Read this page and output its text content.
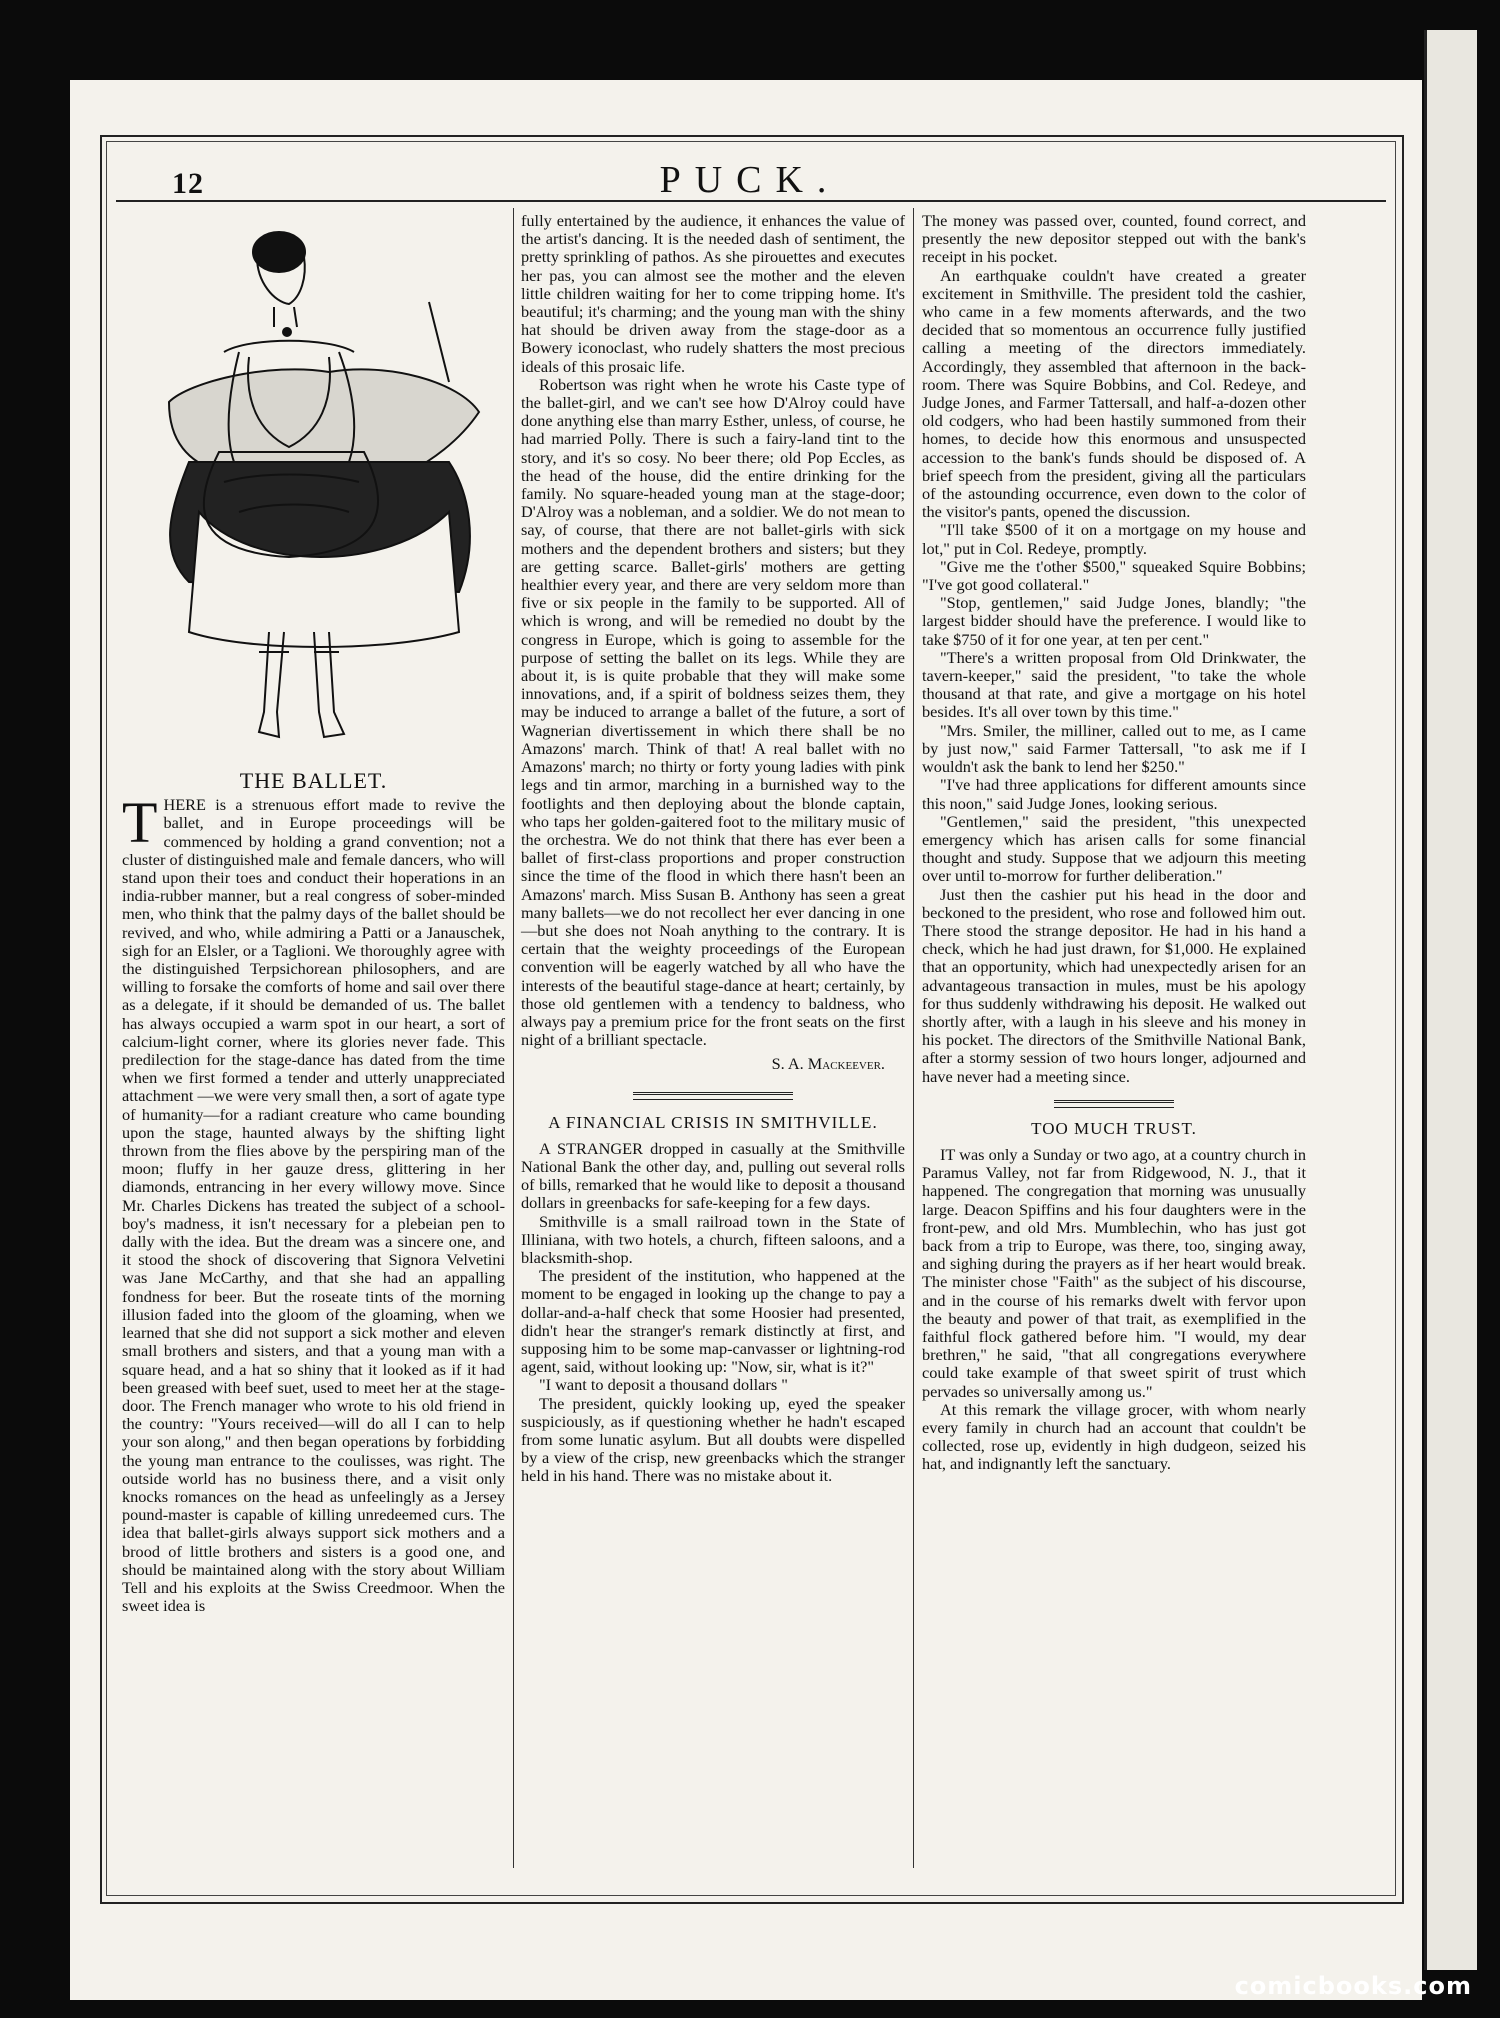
12	PUCK.
THE BALLET.
T HERE is a strenuous effort made to revive the ballet, and in Europe proceedings will be commenced by holding a grand convention; not a cluster of distinguished male and female dancers, who will stand upon their toes and conduct their hoperations in an india-rubber manner, but a real congress of sober-minded men, who think that the palmy days of the ballet should be revived, and who, while admiring a Patti or a Janauschek, sigh for an Elsler, or a Taglioni. We thoroughly agree with the distinguished Terpsichorean philosophers, and are willing to forsake the comforts of home and sail over there as a delegate, if it should be demanded of us. The ballet has always occupied a warm spot in our heart, a sort of calcium-light corner, where its glories never fade. This predilection for the stage-dance has dated from the time when we first formed a tender and utterly unappreciated attachment —we were very small then, a sort of agate type of humanity—for a radiant creature who came bounding upon the stage, haunted always by the shifting light thrown from the flies above by the perspiring man of the moon; fluffy in her gauze dress, glittering in her diamonds, entrancing in her every willowy move. Since Mr. Charles Dickens has treated the subject of a school-boy's madness, it isn't necessary for a plebeian pen to dally with the idea. But the dream was a sincere one, and it stood the shock of discovering that Signora Velvetini was Jane McCarthy, and that she had an appalling fondness for beer. But the roseate tints of the morning illusion faded into the gloom of the gloaming, when we learned that she did not support a sick mother and eleven small brothers and sisters, and that a young man with a square head, and a hat so shiny that it looked as if it had been greased with beef suet, used to meet her at the stage-door. The French manager who wrote to his old friend in the country: "Yours received—will do all I can to help your son along," and then began operations by forbidding the young man entrance to the coulisses, was right. The outside world has no business there, and a visit only knocks romances on the head as unfeelingly as a Jersey pound-master is capable of killing unredeemed curs. The idea that ballet-girls always support sick mothers and a brood of little brothers and sisters is a good one, and should be maintained along with the story about William Tell and his exploits at the Swiss Creedmoor. When the sweet idea is

fully entertained by the audience, it enhances the value of the artist's dancing. It is the needed dash of sentiment, the pretty sprinkling of pathos. As she pirouettes and executes her pas, you can almost see the mother and the eleven little children waiting for her to come tripping home. It's beautiful; it's charming; and the young man with the shiny hat should be driven away from the stage-door as a Bowery iconoclast, who rudely shatters the most precious ideals of this prosaic life.

Robertson was right when he wrote his Caste type of the ballet-girl, and we can't see how D'Alroy could have done anything else than marry Esther, unless, of course, he had married Polly. There is such a fairy-land tint to the story, and it's so cosy. No beer there; old Pop Eccles, as the head of the house, did the entire drinking for the family. No square-headed young man at the stage-door; D'Alroy was a nobleman, and a soldier. We do not mean to say, of course, that there are not ballet-girls with sick mothers and the dependent brothers and sisters; but they are getting scarce. Ballet-girls' mothers are getting healthier every year, and there are very seldom more than five or six people in the family to be supported. All of which is wrong, and will be remedied no doubt by the congress in Europe, which is going to assemble for the purpose of setting the ballet on its legs. While they are about it, is is quite probable that they will make some innovations, and, if a spirit of boldness seizes them, they may be induced to arrange a ballet of the future, a sort of Wagnerian divertissement in which there shall be no Amazons' march. Think of that! A real ballet with no Amazons' march; no thirty or forty young ladies with pink legs and tin armor, marching in a burnished way to the footlights and then deploying about the blonde captain, who taps her golden-gaitered foot to the military music of the orchestra. We do not think that there has ever been a ballet of first-class proportions and proper construction since the time of the flood in which there hasn't been an Amazons' march. Miss Susan B. Anthony has seen a great many ballets—we do not recollect her ever dancing in one—but she does not Noah anything to the contrary. It is certain that the weighty proceedings of the European convention will be eagerly watched by all who have the interests of the beautiful stage-dance at heart; certainly, by those old gentlemen with a tendency to baldness, who always pay a premium price for the front seats on the first night of a brilliant spectacle.

S. A. Mackeever.
A FINANCIAL CRISIS IN SMITHVILLE.

A STRANGER dropped in casually at the Smithville National Bank the other day, and, pulling out several rolls of bills, remarked that he would like to deposit a thousand dollars in greenbacks for safe-keeping for a few days.

Smithville is a small railroad town in the State of Illiniana, with two hotels, a church, fifteen saloons, and a blacksmith-shop.

The president of the institution, who happened at the moment to be engaged in looking up the change to pay a dollar-and-a-half check that some Hoosier had presented, didn't hear the stranger's remark distinctly at first, and supposing him to be some map-canvasser or lightning-rod agent, said, without looking up: "Now, sir, what is it?"

"I want to deposit a thousand dollars "

The president, quickly looking up, eyed the speaker suspiciously, as if questioning whether he hadn't escaped from some lunatic asylum. But all doubts were dispelled by a view of the crisp, new greenbacks which the stranger held in his hand. There was no mistake about it.

The money was passed over, counted, found correct, and presently the new depositor stepped out with the bank's receipt in his pocket.

An earthquake couldn't have created a greater excitement in Smithville. The president told the cashier, who came in a few moments afterwards, and the two decided that so momentous an occurrence fully justified calling a meeting of the directors immediately. Accordingly, they assembled that afternoon in the back-room. There was Squire Bobbins, and Col. Redeye, and Judge Jones, and Farmer Tattersall, and half-a-dozen other old codgers, who had been hastily summoned from their homes, to decide how this enormous and unsuspected accession to the bank's funds should be disposed of. A brief speech from the president, giving all the particulars of the astounding occurrence, even down to the color of the visitor's pants, opened the discussion.

"I'll take $500 of it on a mortgage on my house and lot," put in Col. Redeye, promptly.

"Give me the t'other $500," squeaked Squire Bobbins; "I've got good collateral."

"Stop, gentlemen," said Judge Jones, blandly; "the largest bidder should have the preference. I would like to take $750 of it for one year, at ten per cent."

"There's a written proposal from Old Drinkwater, the tavern-keeper," said the president, "to take the whole thousand at that rate, and give a mortgage on his hotel besides. It's all over town by this time."

"Mrs. Smiler, the milliner, called out to me, as I came by just now," said Farmer Tattersall, "to ask me if I wouldn't ask the bank to lend her $250."

"I've had three applications for different amounts since this noon," said Judge Jones, looking serious.

"Gentlemen," said the president, "this unexpected emergency which has arisen calls for some financial thought and study. Suppose that we adjourn this meeting over until to-morrow for further deliberation."

Just then the cashier put his head in the door and beckoned to the president, who rose and followed him out. There stood the strange depositor. He had in his hand a check, which he had just drawn, for $1,000. He explained that an opportunity, which had unexpectedly arisen for an advantageous transaction in mules, must be his apology for thus suddenly withdrawing his deposit. He walked out shortly after, with a laugh in his sleeve and his money in his pocket. The directors of the Smithville National Bank, after a stormy session of two hours longer, adjourned and have never had a meeting since.

TOO MUCH TRUST.

IT was only a Sunday or two ago, at a country church in Paramus Valley, not far from Ridgewood, N. J., that it happened. The congregation that morning was unusually large. Deacon Spiffins and his four daughters were in the front-pew, and old Mrs. Mumblechin, who has just got back from a trip to Europe, was there, too, singing away, and sighing during the prayers as if her heart would break. The minister chose "Faith" as the subject of his discourse, and in the course of his remarks dwelt with fervor upon the beauty and power of that trait, as exemplified in the faithful flock gathered before him. "I would, my dear brethren," he said, "that all congregations everywhere could take example of that sweet spirit of trust which pervades so universally among us."

At this remark the village grocer, with whom nearly every family in church had an account that couldn't be collected, rose up, evidently in high dudgeon, seized his hat, and indignantly left the sanctuary.

comicbooks.com
